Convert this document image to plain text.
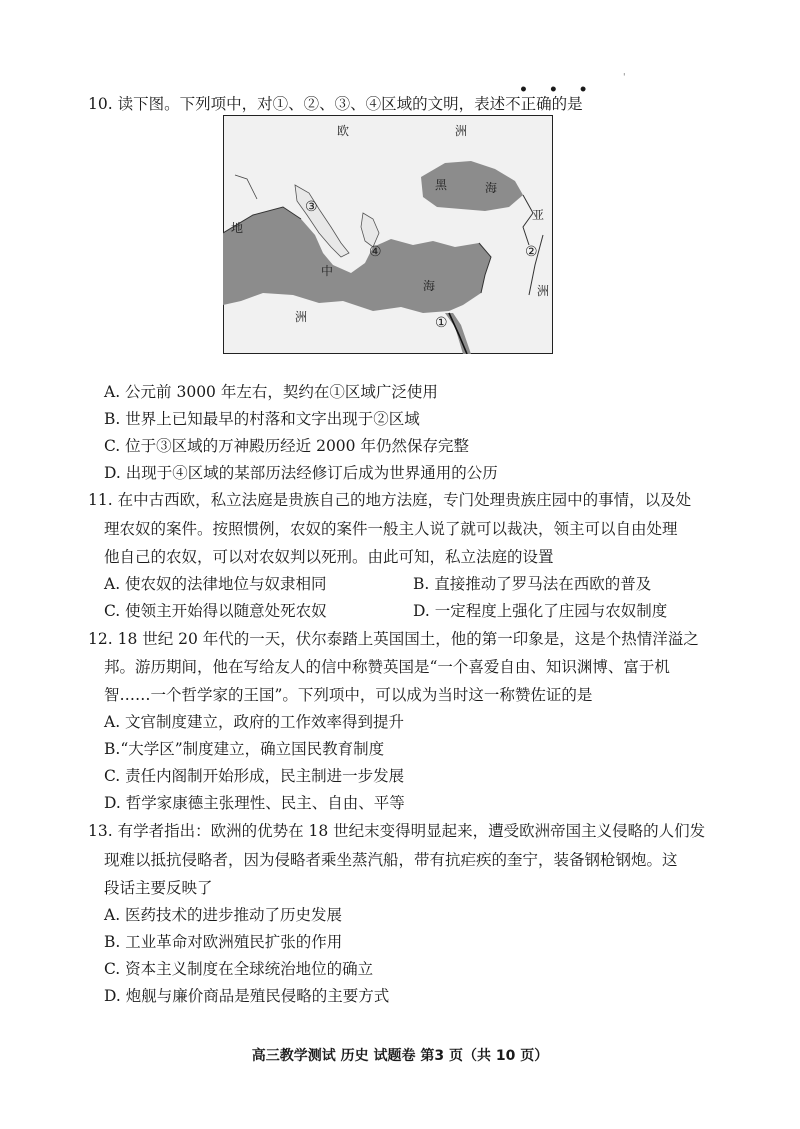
• • •
'
10. 读下图。下列项中，对①、②、③、④区域的文明，表述不正确的是
欧	洲
黑	海
亚
洲
地
中
海
洲	①
②
③
④
A. 公元前 3000 年左右，契约在①区域广泛使用
B. 世界上已知最早的村落和文字出现于②区域
C. 位于③区域的万神殿历经近 2000 年仍然保存完整
D. 出现于④区域的某部历法经修订后成为世界通用的公历
11. 在中古西欧，私立法庭是贵族自己的地方法庭，专门处理贵族庄园中的事情，以及处
理农奴的案件。按照惯例，农奴的案件一般主人说了就可以裁决，领主可以自由处理
他自己的农奴，可以对农奴判以死刑。由此可知，私立法庭的设置
A. 使农奴的法律地位与奴隶相同	B. 直接推动了罗马法在西欧的普及
C. 使领主开始得以随意处死农奴	D. 一定程度上强化了庄园与农奴制度
12. 18 世纪 20 年代的一天，伏尔泰踏上英国国土，他的第一印象是，这是个热情洋溢之
邦。游历期间，他在写给友人的信中称赞英国是“一个喜爱自由、知识渊博、富于机
智……一个哲学家的王国”。下列项中，可以成为当时这一称赞佐证的是
A. 文官制度建立，政府的工作效率得到提升
B.“大学区”制度建立，确立国民教育制度
C. 责任内阁制开始形成，民主制进一步发展
D. 哲学家康德主张理性、民主、自由、平等
13. 有学者指出：欧洲的优势在 18 世纪末变得明显起来，遭受欧洲帝国主义侵略的人们发
现难以抵抗侵略者，因为侵略者乘坐蒸汽船，带有抗疟疾的奎宁，装备钢枪钢炮。这
段话主要反映了
A. 医药技术的进步推动了历史发展
B. 工业革命对欧洲殖民扩张的作用
C. 资本主义制度在全球统治地位的确立
D. 炮舰与廉价商品是殖民侵略的主要方式
高三教学测试 历史 试题卷 第3 页（共 10 页）
